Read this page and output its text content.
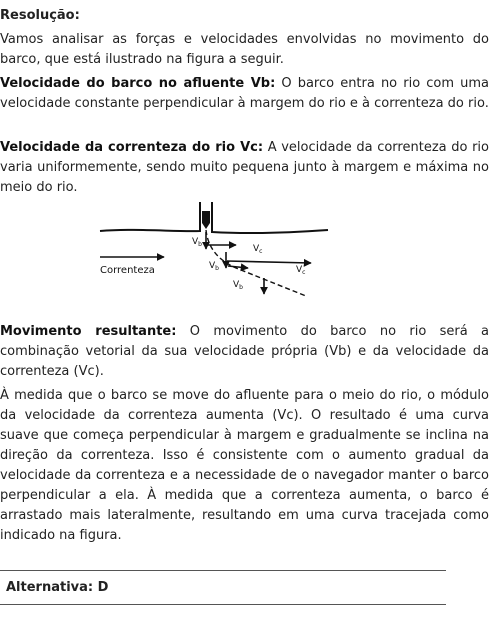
Resolução:

Vamos analisar as forças e velocidades envolvidas no movimento do barco, que está ilustrado na figura a seguir.

Velocidade do barco no afluente Vb: O barco entra no rio com uma velocidade constante perpendicular à margem do rio e à correnteza do rio.

Velocidade da correnteza do rio Vc: A velocidade da correnteza do rio varia uniformemente, sendo muito pequena junto à margem e máxima no meio do rio.

Correnteza
$V_b$	$V_c$
$V_b$	$V_c$
$V_b$

Movimento resultante: O movimento do barco no rio será a combinação vetorial da sua velocidade própria (Vb) e da velocidade da correnteza (Vc).

À medida que o barco se move do afluente para o meio do rio, o módulo da velocidade da correnteza aumenta (Vc). O resultado é uma curva suave que começa perpendicular à margem e gradualmente se inclina na direção da correnteza. Isso é consistente com o aumento gradual da velocidade da correnteza e a necessidade de o navegador manter o barco perpendicular a ela. À medida que a correnteza aumenta, o barco é arrastado mais lateralmente, resultando em uma curva tracejada como indicado na figura.

Alternativa: D
